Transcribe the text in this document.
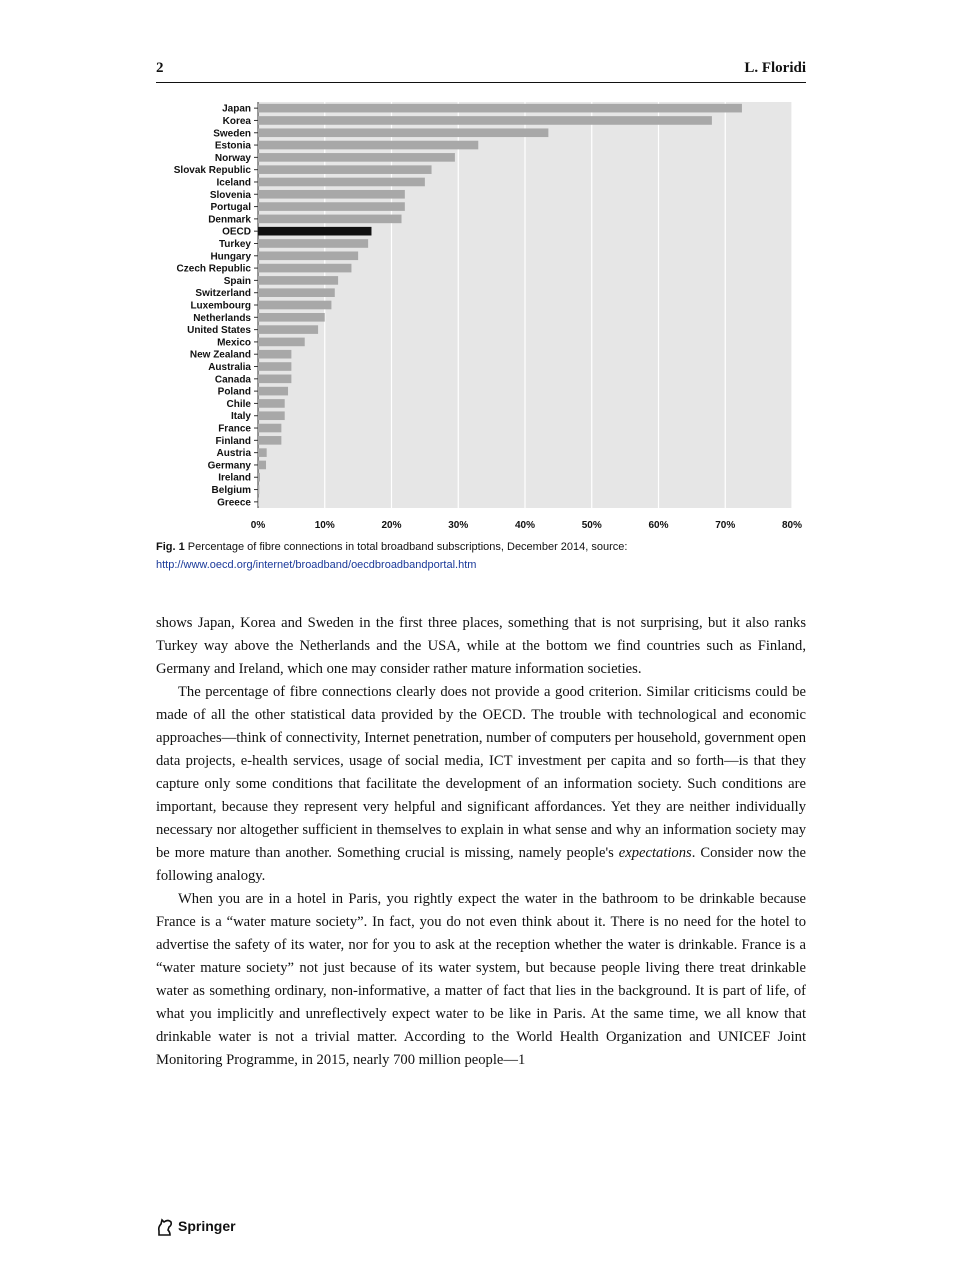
2	L. Floridi
0%	10%	20%	30%	40%	50%	60%	70%	80%
Japan
Korea
Sweden
Estonia
Norway
Slovak Republic
Iceland
Slovenia
Portugal
Denmark
OECD
Turkey
Hungary
Czech Republic
Spain
Switzerland
Luxembourg
Netherlands
United States
Mexico
New Zealand
Australia
Canada
Poland
Chile
Italy
France
Finland
Austria
Germany
Ireland
Belgium
Greece
Fig. 1 Percentage of fibre connections in total broadband subscriptions, December 2014, source: http://www.oecd.org/internet/broadband/oecdbroadbandportal.htm

shows Japan, Korea and Sweden in the first three places, something that is not surprising, but it also ranks Turkey way above the Netherlands and the USA, while at the bottom we find countries such as Finland, Germany and Ireland, which one may consider rather mature information societies.

The percentage of fibre connections clearly does not provide a good criterion. Similar criticisms could be made of all the other statistical data provided by the OECD. The trouble with technological and economic approaches—think of connectivity, Internet penetration, number of computers per household, government open data projects, e-health services, usage of social media, ICT investment per capita and so forth—is that they capture only some conditions that facilitate the development of an information society. Such conditions are important, because they represent very helpful and significant affordances. Yet they are neither individually necessary nor altogether sufficient in themselves to explain in what sense and why an information society may be more mature than another. Something crucial is missing, namely people's expectations. Consider now the following analogy.

When you are in a hotel in Paris, you rightly expect the water in the bathroom to be drinkable because France is a “water mature society”. In fact, you do not even think about it. There is no need for the hotel to advertise the safety of its water, nor for you to ask at the reception whether the water is drinkable. France is a “water mature society” not just because of its water system, but because people living there treat drinkable water as something ordinary, non-informative, a matter of fact that lies in the background. It is part of life, of what you implicitly and unreflectively expect water to be like in Paris. At the same time, we all know that drinkable water is not a trivial matter. According to the World Health Organization and UNICEF Joint Monitoring Programme, in 2015, nearly 700 million people—1

Springer
